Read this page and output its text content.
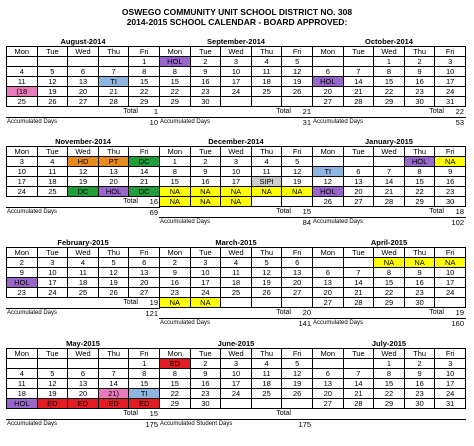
OSWEGO COMMUNITY UNIT SCHOOL DISTRICT NO. 308
2014-2015 SCHOOL CALENDAR - BOARD APPROVED:
August-2014
Mon	Tue	Wed	Thu	Fri
				1
4	5	6	7	8
11	12	13	TI	15
(18	19	20	21	22
25	26	27	28	29
Total 1
Accumulated Days	10
September-2014
Mon	Tue	Wed	Thu	Fri
HOL	2	3	4	5
8	9	10	11	12
15	16	17	18	19
22	23	24	25	26
29	30			
Total 21
Accumulated Days	31
October-2014
Mon	Tue	Wed	Thu	Fri
		1	2	3
6	7	8	9	10
HOL	14	15	16	17
20	21	22	23	24
27	28	29	30	31
Total 22
Accumulated Days	53
November-2014
Mon	Tue	Wed	Thu	Fri
3	4	HD	PT	DC
10	11	12	13	14
17	18	19	20	21
24	25	DC	HOL	DC
Total 16
Accumulated Days	69
December-2014
Mon	Tue	Wed	Thu	Fri
1	2	3	4	5
8	9	10	11	12
15	16	17	SIPI	19
NA	NA	NA	NA	NA
NA	NA	NA		
Total 15
Accumulated Days	84
January-2015
Mon	Tue	Wed	Thu	Fri
			HOL	NA
TI	6	7	8	9
12	13	14	15	16
HOL	20	21	22	23
26	27	28	29	30
Total 18
Accumulated Days	102
February-2015
Mon	Tue	Wed	Thu	Fri
2	3	4	5	6
9	10	11	12	13
HOL	17	18	19	20
23	24	25	26	27
Total 19
Accumulated Days	121
March-2015
Mon	Tue	Wed	Thu	Fri
2	3	4	5	6
9	10	11	12	13
16	17	18	19	20
23	24	25	26	27
NA	NA			
Total 20
Accumulated Days	141
April-2015
Mon	Tue	Wed	Thu	Fri
		NA	NA	NA
6	7	8	9	10
13	14	15	16	17
20	21	22	23	24
27	28	29	30	
Total 19
Accumulated Days	160
May-2015
Mon	Tue	Wed	Thu	Fri
				1
4	5	6	7	8
11	12	13	14	15
18	19	20	21)	TI
HOL	ED	ED	ED	ED
Total 15
Accumulated Days	175
June-2015
Mon	Tue	Wed	Thu	Fri
ED	2	3	4	5
8	9	10	11	12
15	16	17	18	19
22	23	24	25	26
29	30			
Total
Accumulated Student Days	175
July-2015
Mon	Tue	Wed	Thu	Fri
		1	2	3
6	7	8	9	10
13	14	15	16	17
20	21	22	23	24
27	28	29	30	31
